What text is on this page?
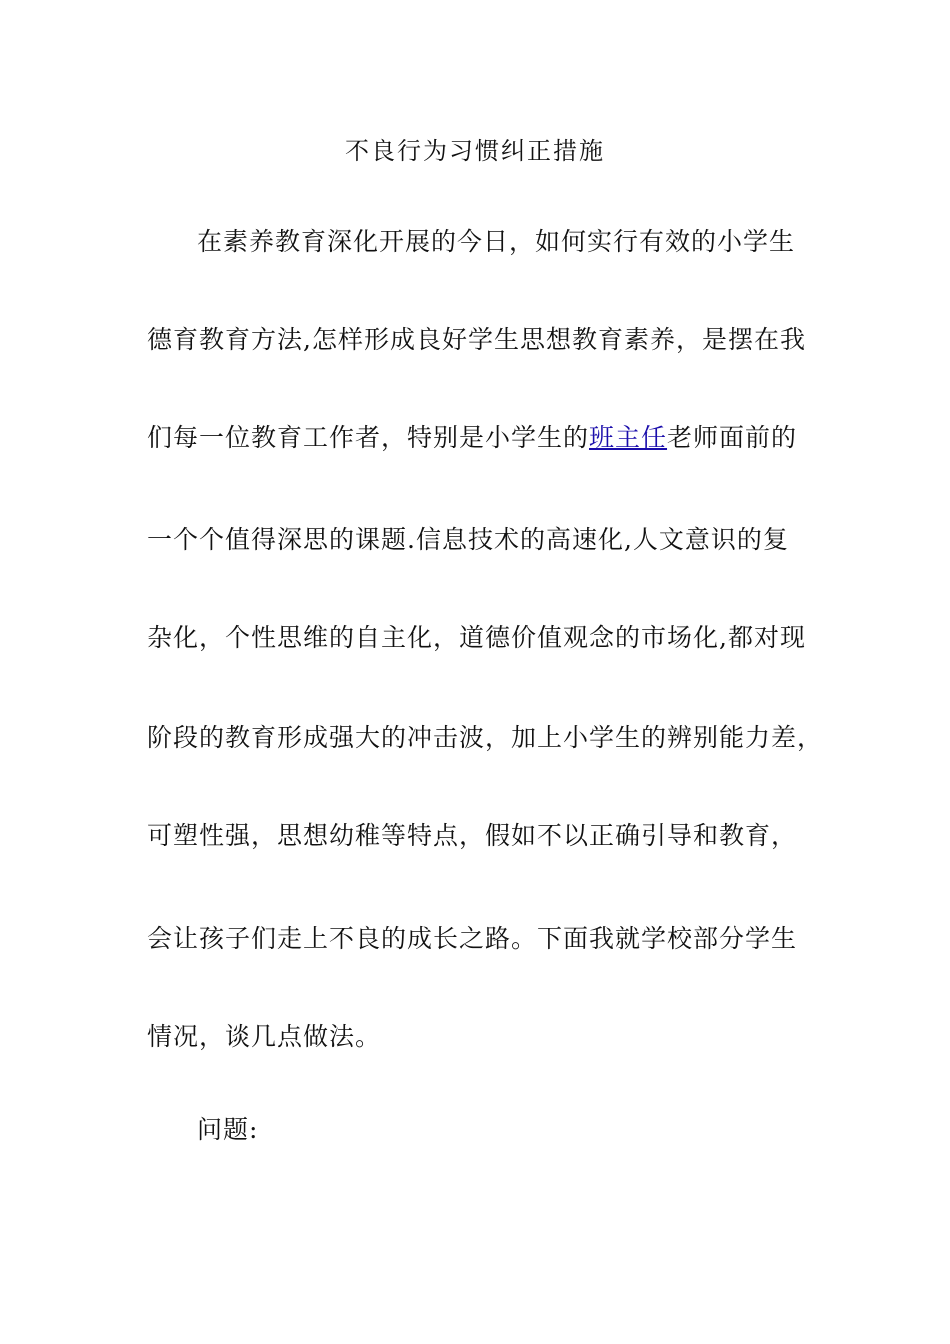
不良行为习惯纠正措施
在素养教育深化开展的今日，如何实行有效的小学生
德育教育方法,怎样形成良好学生思想教育素养，是摆在我
们每一位教育工作者，特别是小学生的班主任老师面前的
一个个值得深思的课题.信息技术的高速化,人文意识的复
杂化，个性思维的自主化，道德价值观念的市场化,都对现
阶段的教育形成强大的冲击波，加上小学生的辨别能力差，
可塑性强，思想幼稚等特点，假如不以正确引导和教育，
会让孩子们走上不良的成长之路。下面我就学校部分学生
情况，谈几点做法。
问题:
